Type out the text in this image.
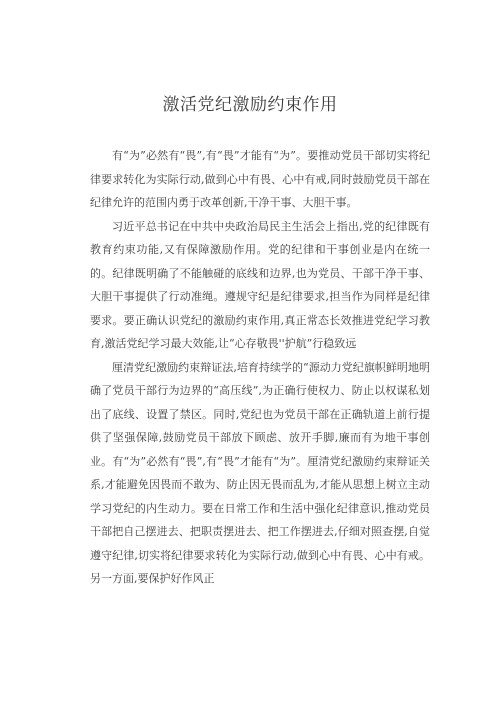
激活党纪激励约束作用

有“为”必然有“畏”,有“畏”才能有“为”。要推动党员干部切实将纪律要求转化为实际行动,做到心中有畏、心中有戒,同时鼓励党员干部在纪律允许的范围内勇于改革创新,干净干事、大胆干事。

习近平总书记在中共中央政治局民主生活会上指出,党的纪律既有教育约束功能,又有保障激励作用。党的纪律和干事创业是内在统一的。纪律既明确了不能触碰的底线和边界,也为党员、干部干净干事、大胆干事提供了行动准绳。遵规守纪是纪律要求,担当作为同样是纪律要求。要正确认识党纪的激励约束作用,真正常态长效推进党纪学习教育,激活党纪学习最大效能,让“心存敬畏''护航”行稳致远

厘清党纪激励约束辩证法,培育持续学的“源动力党纪旗帜鲜明地明确了党员干部行为边界的“高压线”,为正确行使权力、防止以权谋私划出了底线、设置了禁区。同时,党纪也为党员干部在正确轨道上前行提供了坚强保障,鼓励党员干部放下顾虑、放开手脚,廉而有为地干事创业。有“为”必然有“畏”,有“畏”才能有“为”。厘清党纪激励约束辩证关系,才能避免因畏而不敢为、防止因无畏而乱为,才能从思想上树立主动学习党纪的内生动力。要在日常工作和生活中强化纪律意识,推动党员干部把自己摆进去、把职责摆进去、把工作摆进去,仔细对照查摆,自觉遵守纪律,切实将纪律要求转化为实际行动,做到心中有畏、心中有戒。另一方面,要保护好作风正
